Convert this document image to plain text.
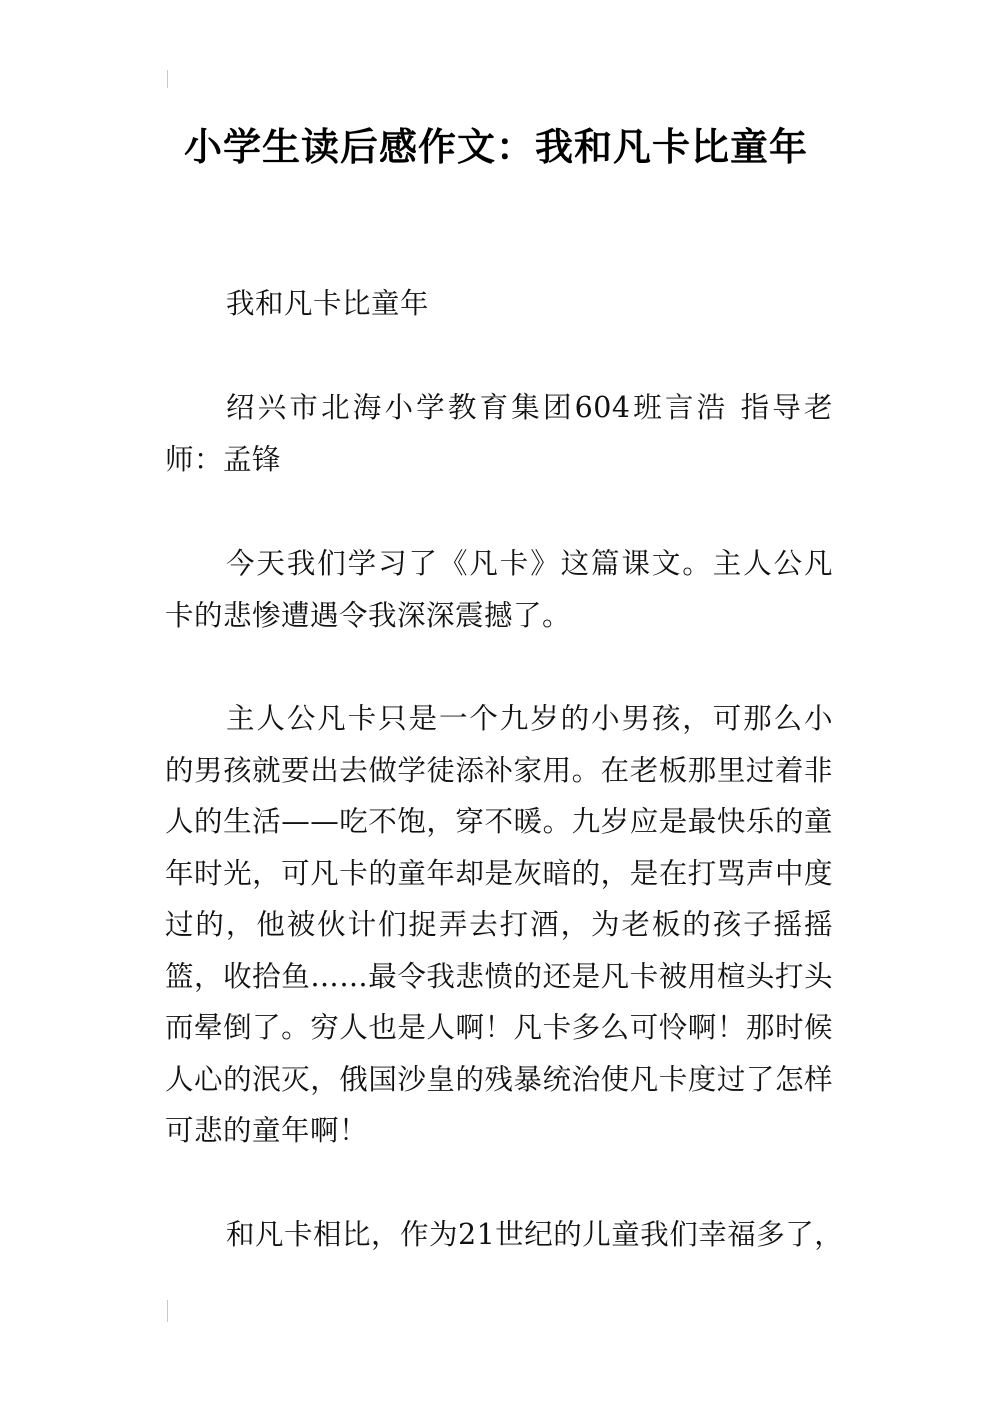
小学生读后感作文：我和凡卡比童年

我和凡卡比童年

绍兴市北海小学教育集团604班言浩 指导老师：孟锋

今天我们学习了《凡卡》这篇课文。主人公凡卡的悲惨遭遇令我深深震撼了。

主人公凡卡只是一个九岁的小男孩，可那么小的男孩就要出去做学徒添补家用。在老板那里过着非人的生活——吃不饱，穿不暖。九岁应是最快乐的童年时光，可凡卡的童年却是灰暗的，是在打骂声中度过的，他被伙计们捉弄去打酒，为老板的孩子摇摇篮，收拾鱼……最令我悲愤的还是凡卡被用楦头打头而晕倒了。穷人也是人啊！凡卡多么可怜啊！那时候人心的泯灭，俄国沙皇的残暴统治使凡卡度过了怎样可悲的童年啊！

和凡卡相比，作为21世纪的儿童我们幸福多了，
